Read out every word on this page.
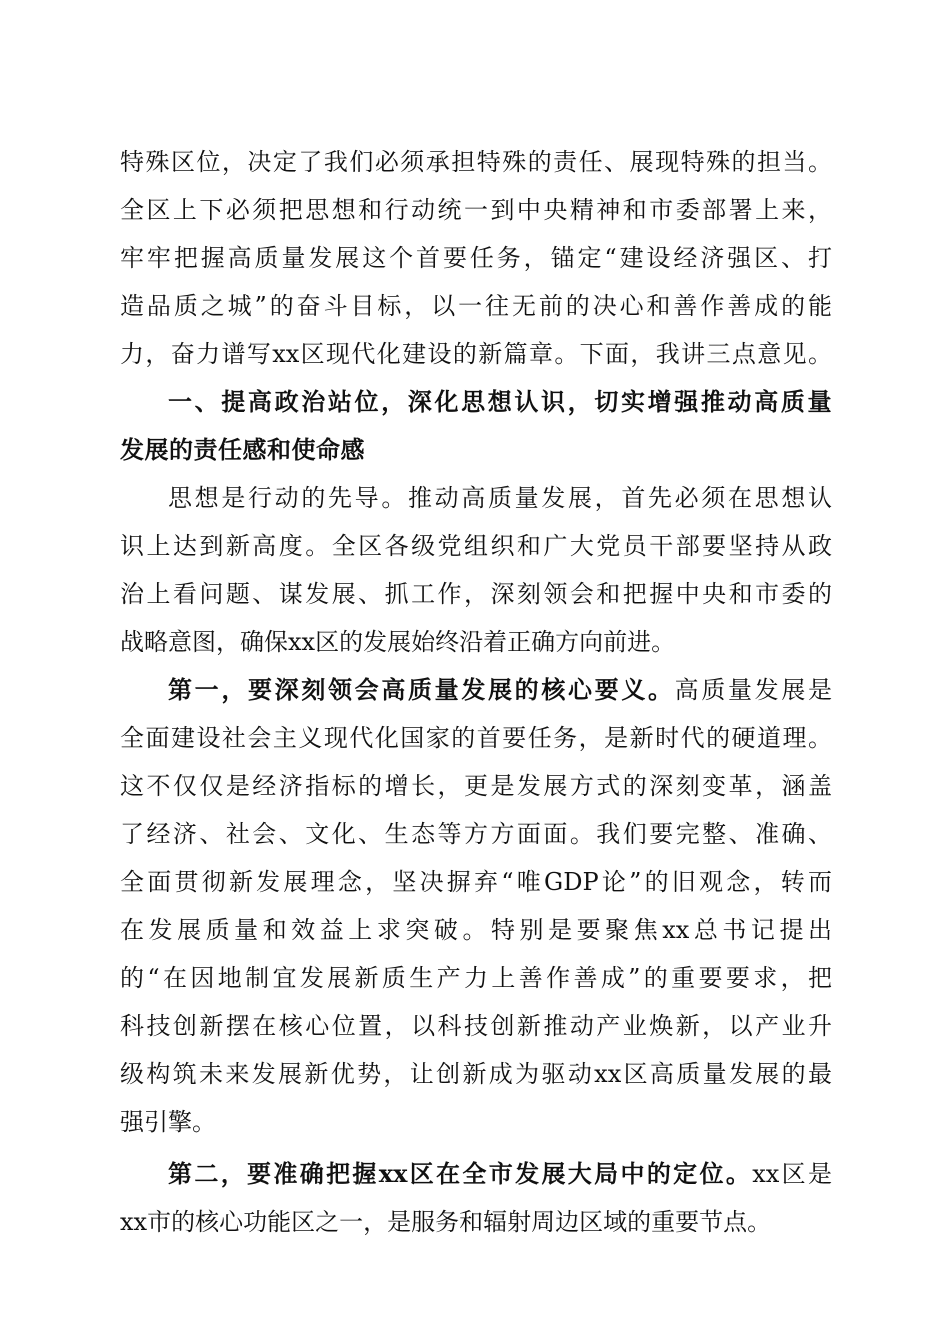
特殊区位，决定了我们必须承担特殊的责任、展现特殊的担当。
全区上下必须把思想和行动统一到中央精神和市委部署上来，
牢牢把握高质量发展这个首要任务，锚定“建设经济强区、打
造品质之城”的奋斗目标，以一往无前的决心和善作善成的能
力，奋力谱写xx区现代化建设的新篇章。下面，我讲三点意见。
一、提高政治站位，深化思想认识，切实增强推动高质量
发展的责任感和使命感
思想是行动的先导。推动高质量发展，首先必须在思想认
识上达到新高度。全区各级党组织和广大党员干部要坚持从政
治上看问题、谋发展、抓工作，深刻领会和把握中央和市委的
战略意图，确保xx区的发展始终沿着正确方向前进。
第一，要深刻领会高质量发展的核心要义。高质量发展是
全面建设社会主义现代化国家的首要任务，是新时代的硬道理。
这不仅仅是经济指标的增长，更是发展方式的深刻变革，涵盖
了经济、社会、文化、生态等方方面面。我们要完整、准确、
全面贯彻新发展理念，坚决摒弃“唯GDP论”的旧观念，转而
在发展质量和效益上求突破。特别是要聚焦xx总书记提出
的“在因地制宜发展新质生产力上善作善成”的重要要求，把
科技创新摆在核心位置，以科技创新推动产业焕新，以产业升
级构筑未来发展新优势，让创新成为驱动xx区高质量发展的最
强引擎。
第二，要准确把握xx区在全市发展大局中的定位。xx区是
xx市的核心功能区之一，是服务和辐射周边区域的重要节点。
